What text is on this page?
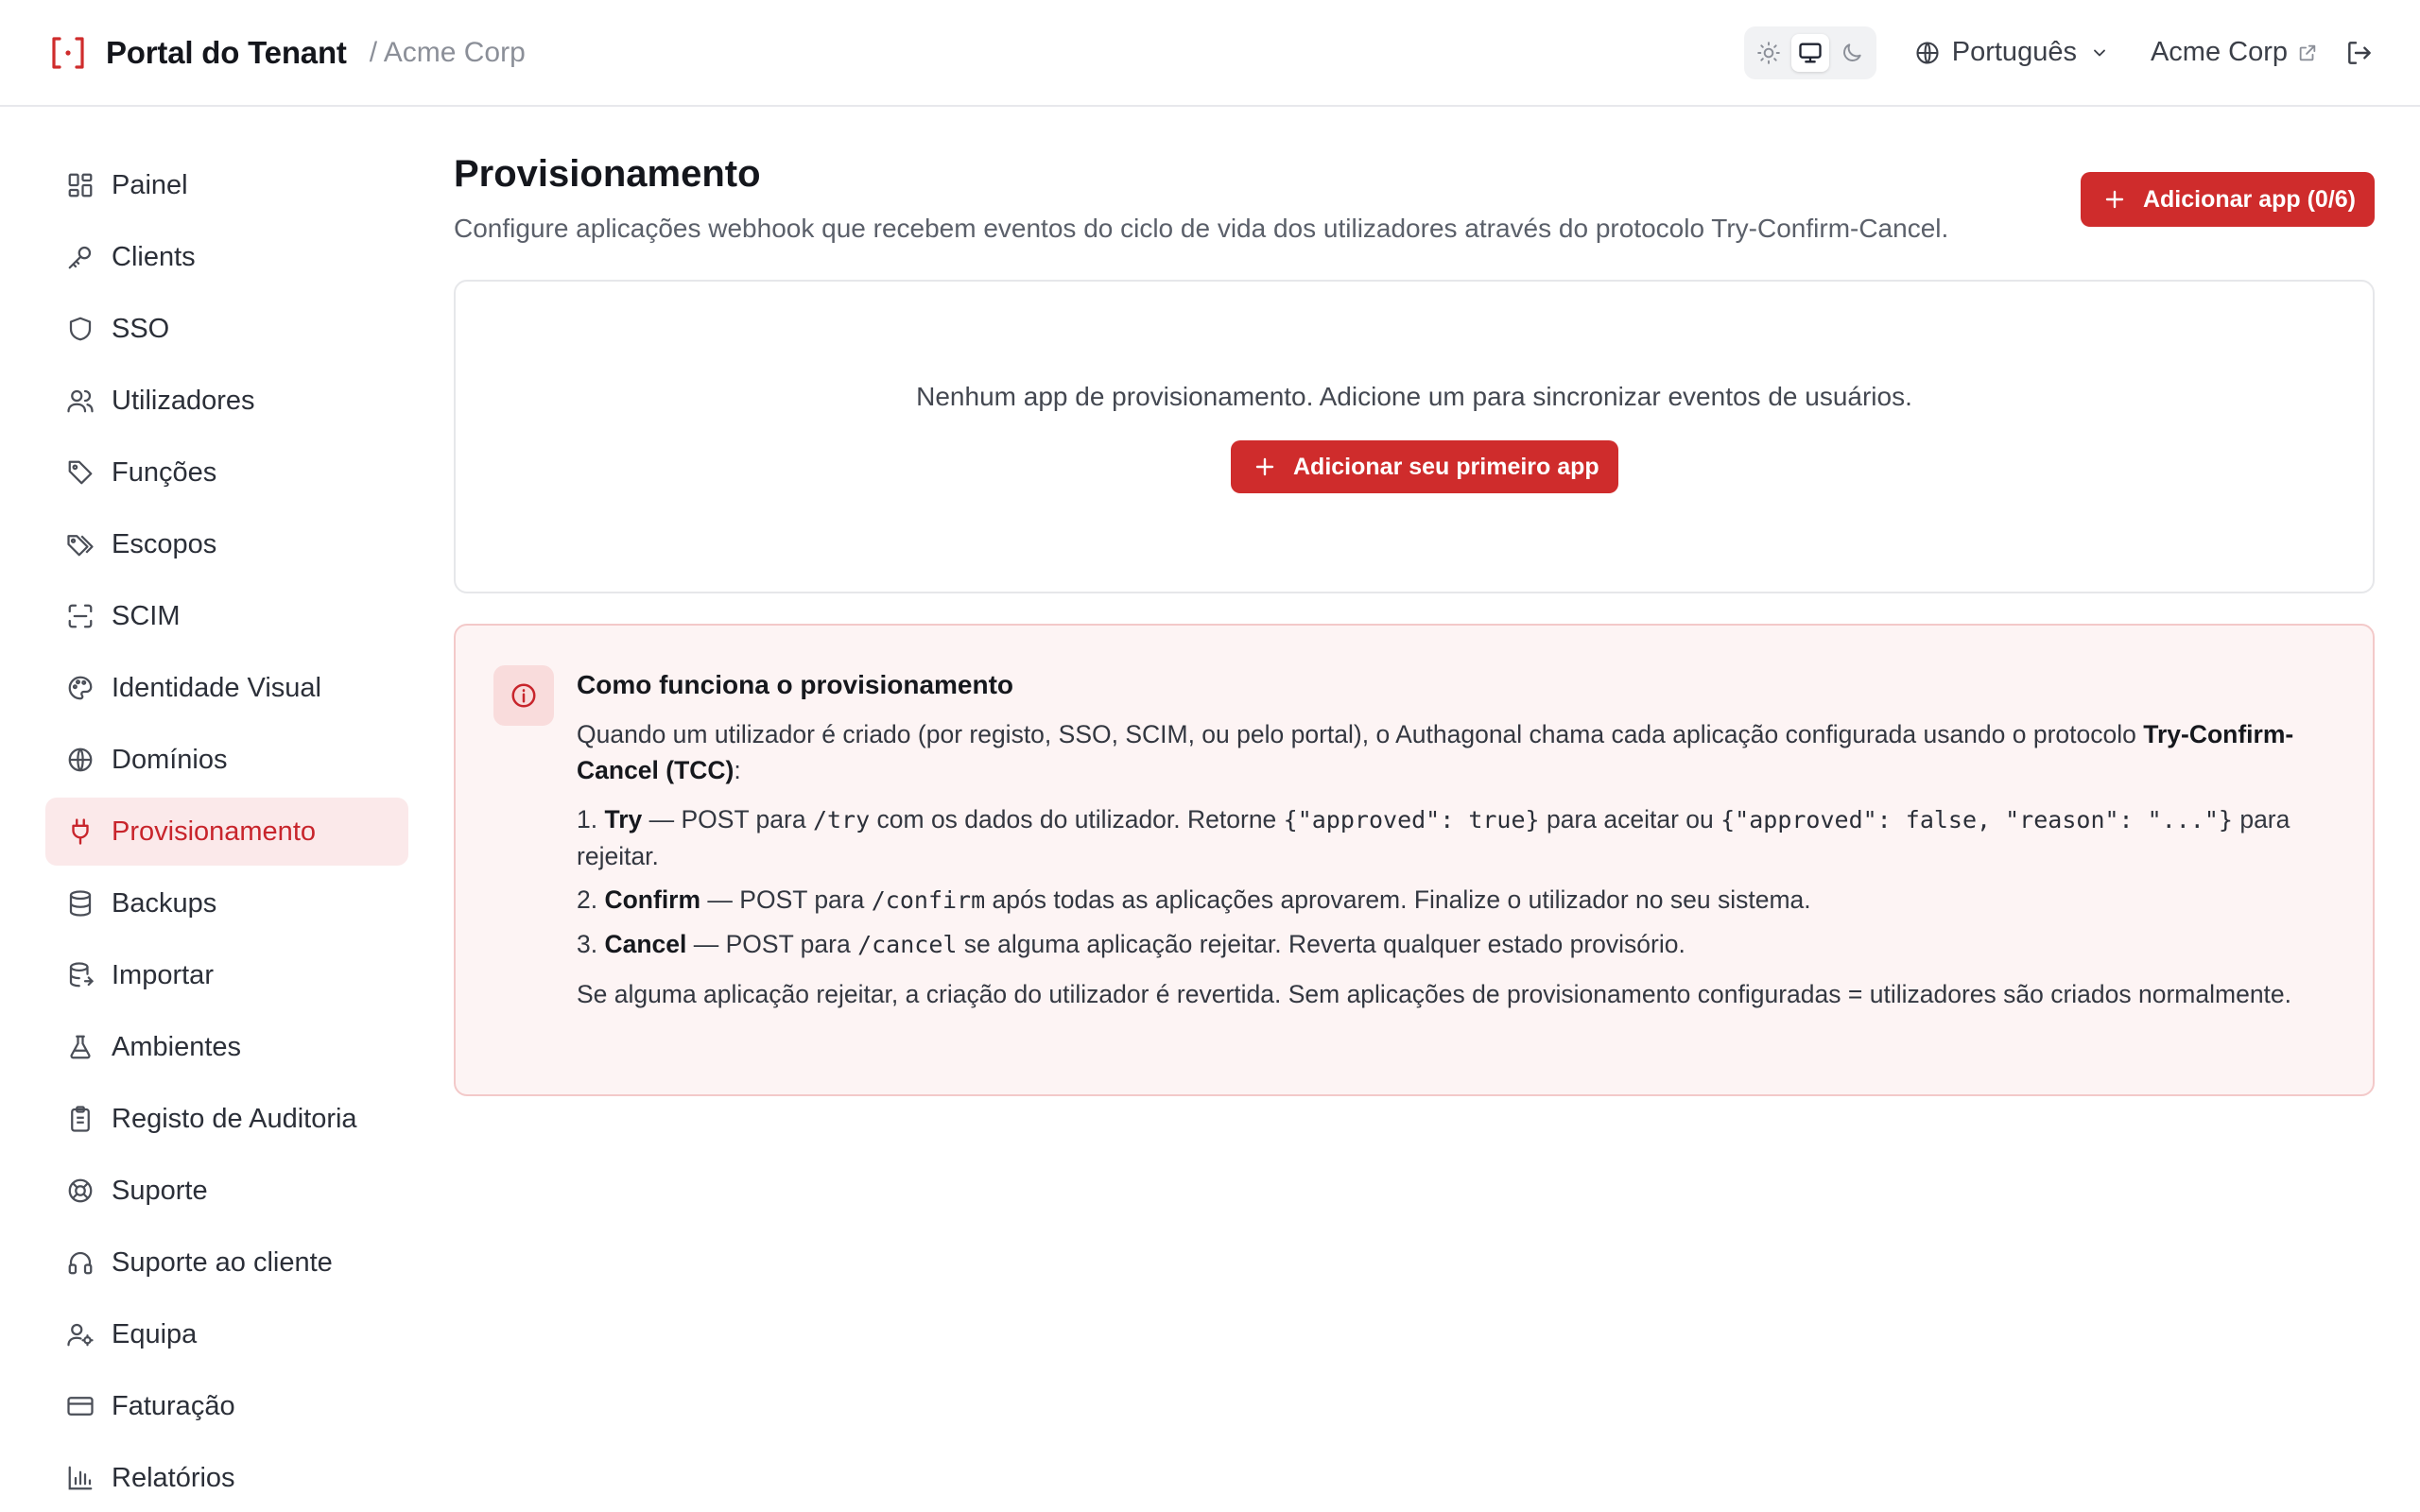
Portal do Tenant / Acme Corp	Português	Acme Corp
Painel
Clients
SSO
Utilizadores
Funções
Escopos
SCIM
Identidade Visual
Domínios
Provisionamento
Backups
Importar
Ambientes
Registo de Auditoria
Suporte
Suporte ao cliente
Equipa
Faturação
Relatórios
Provisionamento

Configure aplicações webhook que recebem eventos do ciclo de vida dos utilizadores através do protocolo Try-Confirm-Cancel.

Adicionar app (0/6)
Nenhum app de provisionamento. Adicione um para sincronizar eventos de usuários.
Adicionar seu primeiro app
Como funciona o provisionamento

Quando um utilizador é criado (por registo, SSO, SCIM, ou pelo portal), o Authagonal chama cada aplicação configurada usando o protocolo Try-Confirm-Cancel (TCC):

1. Try — POST para /try com os dados do utilizador. Retorne {"approved": true} para aceitar ou {"approved": false, "reason": "..."} para rejeitar.
2. Confirm — POST para /confirm após todas as aplicações aprovarem. Finalize o utilizador no seu sistema.
3. Cancel — POST para /cancel se alguma aplicação rejeitar. Reverta qualquer estado provisório.

Se alguma aplicação rejeitar, a criação do utilizador é revertida. Sem aplicações de provisionamento configuradas = utilizadores são criados normalmente.
